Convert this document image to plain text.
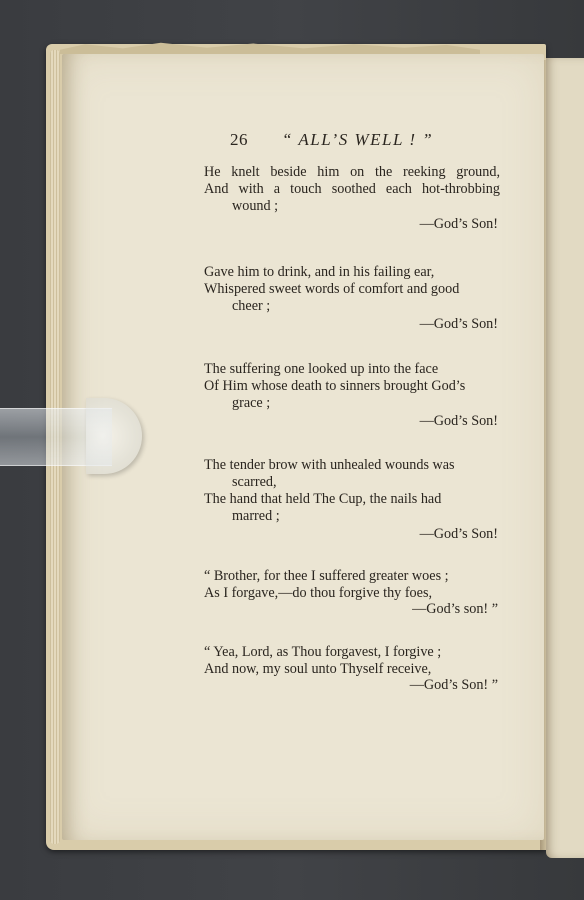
26 “ ALL’S WELL ! ”
He knelt beside him on the reeking ground,
And with a touch soothed each hot-throbbing
wound ;
—God’s Son!
Gave him to drink, and in his failing ear,
Whispered sweet words of comfort and good
cheer ;
—God’s Son!
The suffering one looked up into the face
Of Him whose death to sinners brought God’s
grace ;
—God’s Son!
The tender brow with unhealed wounds was
scarred,
The hand that held The Cup, the nails had
marred ;
—God’s Son!
“ Brother, for thee I suffered greater woes ;
As I forgave,—do thou forgive thy foes,
—God’s son! ”
“ Yea, Lord, as Thou forgavest, I forgive ;
And now, my soul unto Thyself receive,
—God’s Son! ”
